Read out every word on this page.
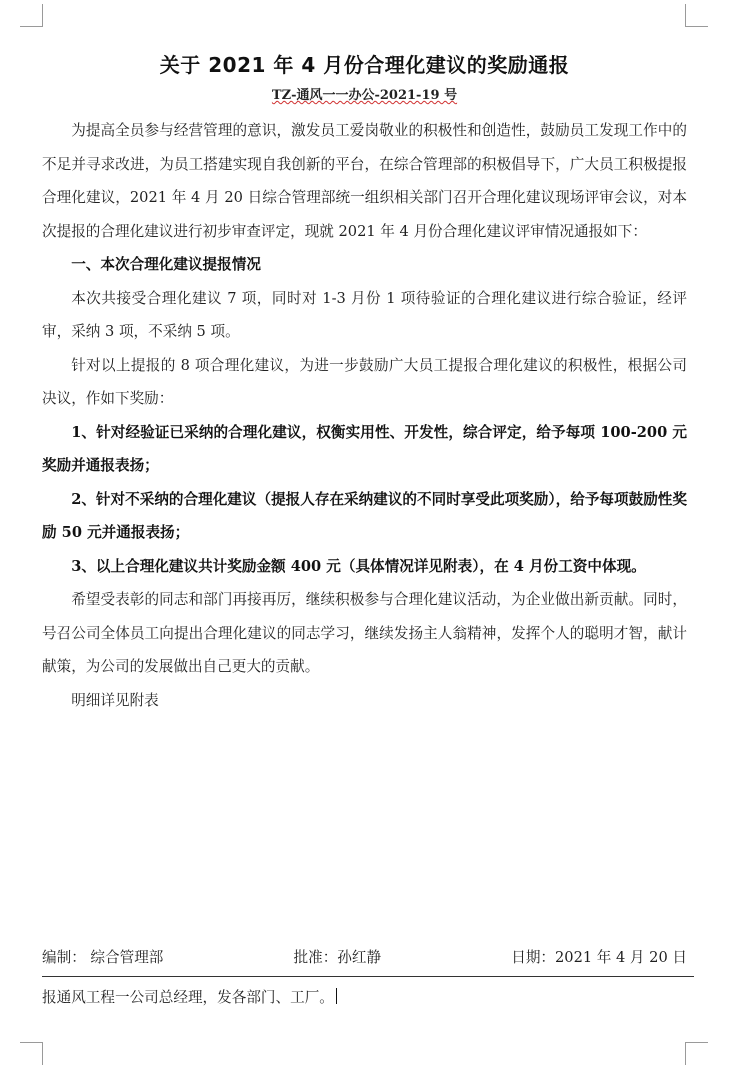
关于 2021 年 4 月份合理化建议的奖励通报

TZ-通风一一办公-2021-19 号

为提高全员参与经营管理的意识，激发员工爱岗敬业的积极性和创造性，鼓励员工发现工作中的不足并寻求改进，为员工搭建实现自我创新的平台，在综合管理部的积极倡导下，广大员工积极提报合理化建议，2021 年 4 月 20 日综合管理部统一组织相关部门召开合理化建议现场评审会议，对本次提报的合理化建议进行初步审查评定，现就 2021 年 4 月份合理化建议评审情况通报如下：

一、本次合理化建议提报情况

本次共接受合理化建议 7 项，同时对 1-3 月份 1 项待验证的合理化建议进行综合验证，经评审，采纳 3 项，不采纳 5 项。

针对以上提报的 8 项合理化建议，为进一步鼓励广大员工提报合理化建议的积极性，根据公司决议，作如下奖励：

1、针对经验证已采纳的合理化建议，权衡实用性、开发性，综合评定，给予每项 100-200 元奖励并通报表扬；

2、针对不采纳的合理化建议（提报人存在采纳建议的不同时享受此项奖励），给予每项鼓励性奖励 50 元并通报表扬；

3、以上合理化建议共计奖励金额 400 元（具体情况详见附表），在 4 月份工资中体现。

希望受表彰的同志和部门再接再厉，继续积极参与合理化建议活动，为企业做出新贡献。同时，号召公司全体员工向提出合理化建议的同志学习，继续发扬主人翁精神，发挥个人的聪明才智，献计献策，为公司的发展做出自己更大的贡献。

明细详见附表

编制： 综合管理部	批准：孙红静	日期：2021 年 4 月 20 日
报通风工程一公司总经理，发各部门、工厂。
